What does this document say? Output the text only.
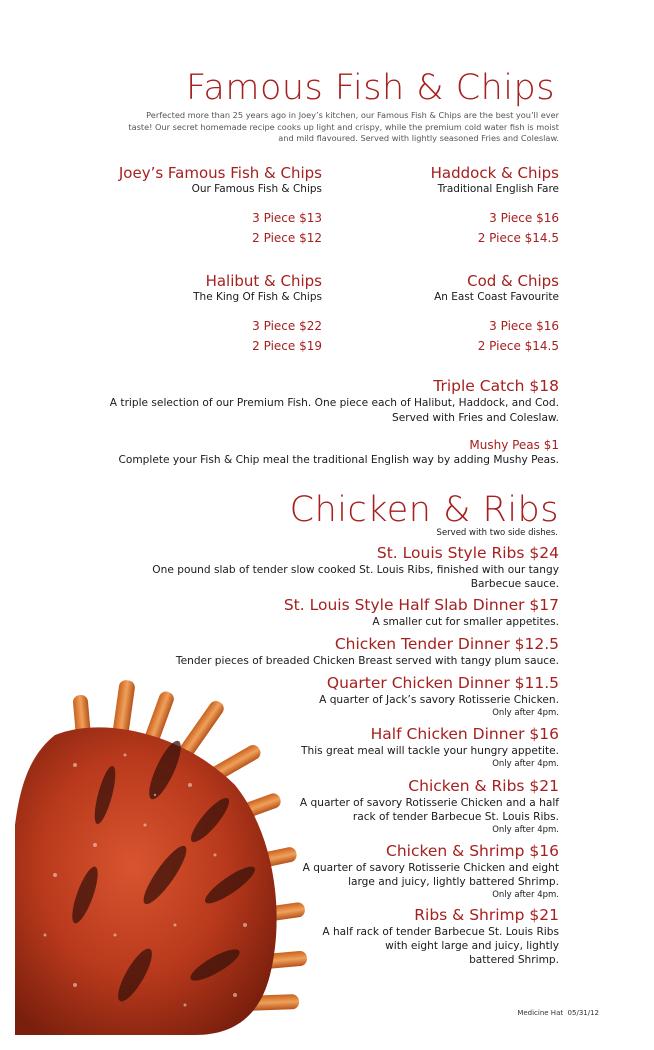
Famous Fish & Chips
Perfected more than 25 years ago in Joey’s kitchen, our Famous Fish & Chips are the best you’ll ever
taste! Our secret homemade recipe cooks up light and crispy, while the premium cold water fish is moist
and mild flavoured. Served with lightly seasoned Fries and Coleslaw.
Joey’s Famous Fish & Chips
Our Famous Fish & Chips
3 Piece $13
2 Piece $12
Haddock & Chips
Traditional English Fare
3 Piece $16
2 Piece $14.5
Halibut & Chips
The King Of Fish & Chips
3 Piece $22
2 Piece $19
Cod & Chips
An East Coast Favourite
3 Piece $16
2 Piece $14.5
Triple Catch $18
A triple selection of our Premium Fish. One piece each of Halibut, Haddock, and Cod.
Served with Fries and Coleslaw.
Mushy Peas $1
Complete your Fish & Chip meal the traditional English way by adding Mushy Peas.
Chicken & Ribs
Served with two side dishes.
St. Louis Style Ribs $24
One pound slab of tender slow cooked St. Louis Ribs, finished with our tangy
Barbecue sauce.
St. Louis Style Half Slab Dinner $17
A smaller cut for smaller appetites.
Chicken Tender Dinner $12.5
Tender pieces of breaded Chicken Breast served with tangy plum sauce.
Quarter Chicken Dinner $11.5
A quarter of Jack’s savory Rotisserie Chicken.
Only after 4pm.
Half Chicken Dinner $16
This great meal will tackle your hungry appetite.
Only after 4pm.
Chicken & Ribs $21
A quarter of savory Rotisserie Chicken and a half
rack of tender Barbecue St. Louis Ribs.
Only after 4pm.
Chicken & Shrimp $16
A quarter of savory Rotisserie Chicken and eight
large and juicy, lightly battered Shrimp.
Only after 4pm.
Ribs & Shrimp $21
A half rack of tender Barbecue St. Louis Ribs
with eight large and juicy, lightly
battered Shrimp.
Medicine Hat  05/31/12
